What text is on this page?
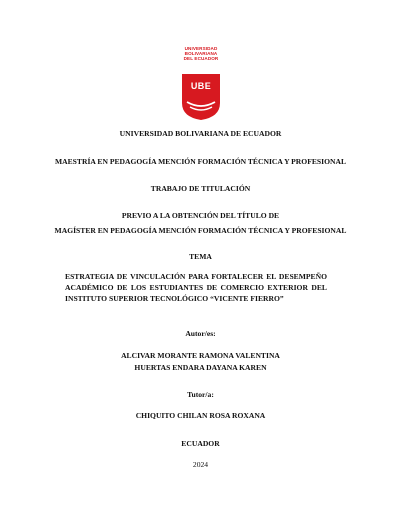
UNIVERSIDAD
BOLIVARIANA
DEL ECUADOR
UBE
UNIVERSIDAD BOLIVARIANA DE ECUADOR
MAESTRÍA EN PEDAGOGÍA MENCIÓN FORMACIÓN TÉCNICA Y PROFESIONAL
TRABAJO DE TITULACIÓN
PREVIO A LA OBTENCIÓN DEL TÍTULO DE
MAGÍSTER EN PEDAGOGÍA MENCIÓN FORMACIÓN TÉCNICA Y PROFESIONAL
TEMA
ESTRATEGIA DE VINCULACIÓN PARA FORTALECER EL DESEMPEÑO ACADÉMICO DE LOS ESTUDIANTES DE COMERCIO EXTERIOR DEL INSTITUTO SUPERIOR TECNOLÓGICO “VICENTE FIERRO”
Autor/es:
ALCIVAR MORANTE RAMONA VALENTINA
HUERTAS ENDARA DAYANA KAREN
Tutor/a:
CHIQUITO CHILAN ROSA ROXANA
ECUADOR
2024
